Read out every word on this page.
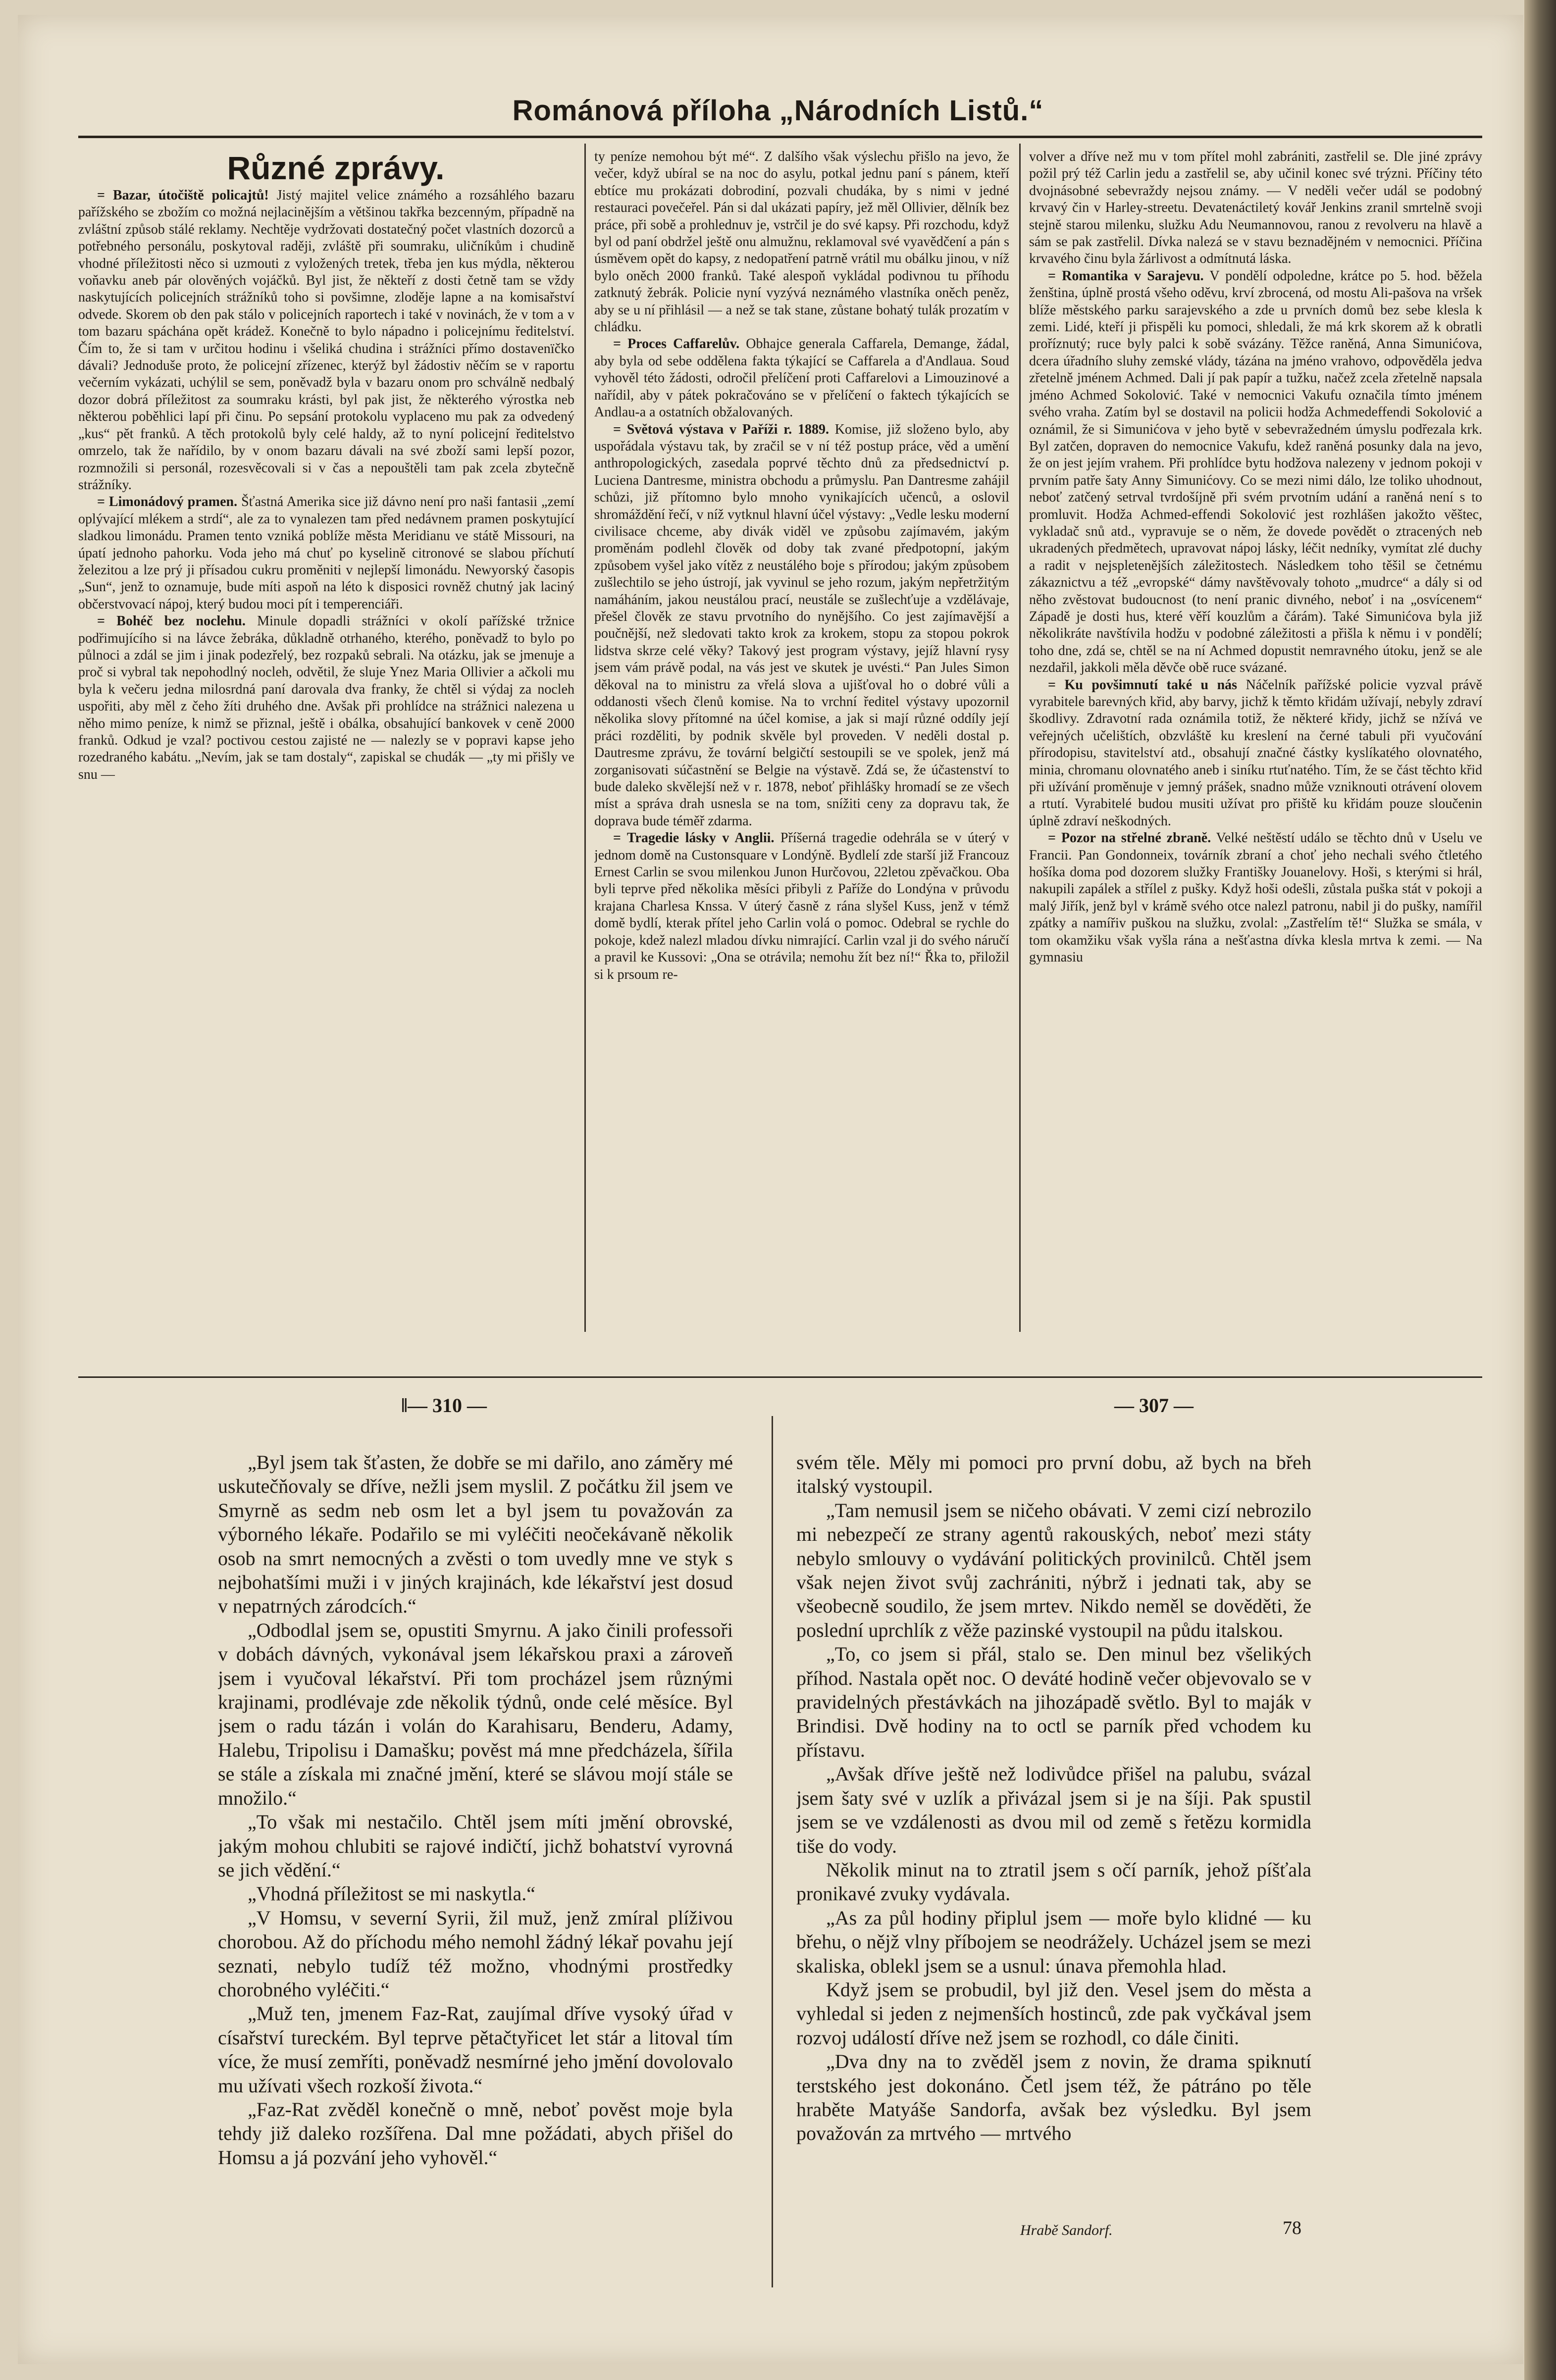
Románová příloha „Národních Listů.“

Různé zprávy.

= Bazar, útočiště policajtů! Jistý majitel velice známého a rozsáhlého bazaru pařížského se zbožím co možná nejlacinějším a většinou takřka bezcenným, případně na zvláštní způsob stálé reklamy. Nechtěje vydržovati dostatečný počet vlastních dozorců a potřebného personálu, poskytoval raději, zvláště při soumraku, uličníkům i chudině vhodné příležitosti něco si uzmouti z vyložených tretek, třeba jen kus mýdla, některou voňavku aneb pár olověných vojáčků. Byl jist, že někteří z dosti četně tam se vždy naskytujících policejních strážníků toho si povšimne, zloděje lapne a na komisařství odvede. Skorem ob den pak stálo v policejních raportech i také v novinách, že v tom a v tom bazaru spáchána opět krádež. Konečně to bylo nápadno i policejnímu ředitelství. Čím to, že si tam v určitou hodinu i všeliká chudina i strážníci přímo dostavenïčko dávali? Jednoduše proto, že policejní zřízenec, kterýž byl žádostiv něčím se v raportu večerním vykázati, uchýlil se sem, poněvadž byla v bazaru onom pro schválně nedbalý dozor dobrá příležitost za soumraku krásti, byl pak jist, že některého výrostka neb některou poběhlici lapí při činu. Po sepsání protokolu vyplaceno mu pak za odvedený „kus“ pět franků. A těch protokolů byly celé haldy, až to nyní policejní ředitelstvo omrzelo, tak že nařídilo, by v onom bazaru dávali na své zboží sami lepší pozor, rozmnožili si personál, rozesvěcovali si v čas a nepouštěli tam pak zcela zbytečně strážníky.

= Limonádový pramen. Šťastná Amerika sice již dávno není pro naši fantasii „zemí oplývající mlékem a strdí“, ale za to vynalezen tam před nedávnem pramen poskytující sladkou limonádu. Pramen tento vzniká poblíže města Meridianu ve státě Missouri, na úpatí jednoho pahorku. Voda jeho má chuť po kyselině citronové se slabou příchutí železitou a lze prý ji přísadou cukru proměniti v nejlepší limonádu. Newyorský časopis „Sun“, jenž to oznamuje, bude míti aspoň na léto k disposici rovněž chutný jak laciný občerstvovací nápoj, který budou moci pít i temperenciáři.

= Bohéč bez noclehu. Minule dopadli strážníci v okolí pařížské tržnice podřimujícího si na lávce žebráka, důkladně otrhaného, kterého, poněvadž to bylo po půlnoci a zdál se jim i jinak podezřelý, bez rozpaků sebrali. Na otázku, jak se jmenuje a proč si vybral tak nepohodlný nocleh, odvětil, že sluje Ynez Maria Ollivier a ačkoli mu byla k večeru jedna milosrdná paní darovala dva franky, že chtěl si výdaj za nocleh uspořiti, aby měl z čeho žíti druhého dne. Avšak při prohlídce na strážnici nalezena u něho mimo peníze, k nimž se přiznal, ještě i obálka, obsahující bankovek v ceně 2000 franků. Odkud je vzal? poctivou cestou zajisté ne — nalezly se v popravi kapse jeho rozedraného kabátu. „Nevím, jak se tam dostaly“, zapiskal se chudák — „ty mi přišly ve snu —

ty peníze nemohou být mé“. Z dalšího však výslechu přišlo na jevo, že večer, když ubíral se na noc do asylu, potkal jednu paní s pánem, kteří ebtíce mu prokázati dobrodiní, pozvali chudáka, by s nimi v jedné restauraci povečeřel. Pán si dal ukázati papíry, jež měl Ollivier, dělník bez práce, při sobě a prohlednuv je, vstrčil je do své kapsy. Při rozchodu, když byl od paní obdržel ještě onu almužnu, reklamoval své vyavědčení a pán s úsměvem opět do kapsy, z nedopatření patrně vrátil mu obálku jinou, v níž bylo oněch 2000 franků. Také alespoň vykládal podivnou tu příhodu zatknutý žebrák. Policie nyní vyzývá neznámého vlastníka oněch peněz, aby se u ní přihlásil — a než se tak stane, zůstane bohatý tulák prozatím v chládku.

= Proces Caffarelův. Obhajce generala Caffarela, Demange, žádal, aby byla od sebe oddělena fakta týkající se Caffarela a d'Andlaua. Soud vyhověl této žádosti, odročil přelíčení proti Caffarelovi a Limouzinové a nařídil, aby v pátek pokračováno se v přelíčení o faktech týkajících se Andlau-a a ostatních obžalovaných.

= Světová výstava v Paříži r. 1889. Komise, již složeno bylo, aby uspořádala výstavu tak, by zračil se v ní též postup práce, věd a umění anthropologických, zasedala poprvé těchto dnů za předsednictví p. Luciena Dantresme, ministra obchodu a průmyslu. Pan Dantresme zahájil schůzi, již přítomno bylo mnoho vynikajících učenců, a oslovil shromáždění řečí, v níž vytknul hlavní účel výstavy: „Vedle lesku moderní civilisace chceme, aby divák viděl ve způsobu zajímavém, jakým proměnám podlehl člověk od doby tak zvané předpotopní, jakým způsobem vyšel jako vítěz z neustálého boje s přírodou; jakým způsobem zušlechtilo se jeho ústrojí, jak vyvinul se jeho rozum, jakým nepřetržitým namáháním, jakou neustálou prací, neustále se zušlechťuje a vzdělávaje, přešel člověk ze stavu prvotního do nynějšího. Co jest zajímavější a poučnější, než sledovati takto krok za krokem, stopu za stopou pokrok lidstva skrze celé věky? Takový jest program výstavy, jejíž hlavní rysy jsem vám právě podal, na vás jest ve skutek je uvésti.“ Pan Jules Simon děkoval na to ministru za vřelá slova a ujišťoval ho o dobré vůli a oddanosti všech členů komise. Na to vrchní ředitel výstavy upozornil několika slovy přítomné na účel komise, a jak si mají různé oddíly její práci rozděliti, by podnik skvěle byl proveden. V neděli dostal p. Dautresme zprávu, že tovární belgičtí sestoupili se ve spolek, jenž má zorganisovati súčastnění se Belgie na výstavě. Zdá se, že účastenství to bude daleko skvělejší než v r. 1878, neboť přihlášky hromadí se ze všech míst a správa drah usnesla se na tom, snížiti ceny za dopravu tak, že doprava bude téměř zdarma.

= Tragedie lásky v Anglii. Příšerná tragedie odehrála se v úterý v jednom domě na Custonsquare v Londýně. Bydlelí zde starší již Francouz Ernest Carlin se svou milenkou Junon Hurčovou, 22letou zpěvačkou. Oba byli teprve před několika měsíci přibyli z Paříže do Londýna v průvodu krajana Charlesa Knssa. V úterý časně z rána slyšel Kuss, jenž v témž domě bydlí, kterak přítel jeho Carlin volá o pomoc. Odebral se rychle do pokoje, kdež nalezl mladou dívku nimrající. Carlin vzal ji do svého náručí a pravil ke Kussovi: „Ona se otrávila; nemohu žít bez ní!“ Řka to, přiložil si k prsoum re-

volver a dříve než mu v tom přítel mohl zabrániti, zastřelil se. Dle jiné zprávy požil prý též Carlin jedu a zastřelil se, aby učinil konec své trýzni. Příčiny této dvojnásobné sebevraždy nejsou známy. — V neděli večer udál se podobný krvavý čin v Harley-streetu. Devatenáctiletý kovář Jenkins zranil smrtelně svoji stejně starou milenku, služku Adu Neumannovou, ranou z revolveru na hlavě a sám se pak zastřelil. Dívka nalezá se v stavu beznadějném v nemocnici. Příčina krvavého činu byla žárlivost a odmítnutá láska.

= Romantika v Sarajevu. V pondělí odpoledne, krátce po 5. hod. běžela ženština, úplně prostá všeho oděvu, krví zbrocená, od mostu Ali-pašova na vršek blíže městského parku sarajevského a zde u prvních domů bez sebe klesla k zemi. Lidé, kteří ji přispěli ku pomoci, shledali, že má krk skorem až k obratli proříznutý; ruce byly palci k sobě svázány. Těžce raněná, Anna Simunićova, dcera úřadního sluhy zemské vlády, tázána na jméno vrahovo, odpověděla jedva zřetelně jménem Achmed. Dali jí pak papír a tužku, načež zcela zřetelně napsala jméno Achmed Sokolović. Také v nemocnici Vakufu označila tímto jménem svého vraha. Zatím byl se dostavil na policii hodža Achmedeffendi Sokolović a oznámil, že si Simunićova v jeho bytě v sebevražedném úmyslu podřezala krk. Byl zatčen, dopraven do nemocnice Vakufu, kdež raněná posunky dala na jevo, že on jest jejím vrahem. Při prohlídce bytu hodžova nalezeny v jednom pokoji v prvním patře šaty Anny Simunićovy. Co se mezi nimi dálo, lze toliko uhodnout, neboť zatčený setrval tvrdošíjně při svém prvotním udání a raněná není s to promluvit. Hodža Achmed-effendi Sokolović jest rozhlášen jakožto věštec, vykladač snů atd., vypravuje se o něm, že dovede povědět o ztracených neb ukradených předmětech, upravovat nápoj lásky, léčit nedníky, vymítat zlé duchy a radit v nejspletenějších záležitostech. Následkem toho těšil se četnému zákaznictvu a též „evropské“ dámy navštěvovaly tohoto „mudrce“ a dály si od něho zvěstovat budoucnost (to není pranic divného, neboť i na „osvícenem“ Západě je dosti hus, které věří kouzlům a čárám). Také Simunićova byla již několikráte navštívila hodžu v podobné záležitosti a přišla k němu i v pondělí; toho dne, zdá se, chtěl se na ní Achmed dopustit nemravného útoku, jenž se ale nezdařil, jakkoli měla děvče obě ruce svázané.

= Ku povšimnutí také u nás Náčelník pařížské policie vyzval právě vyrabitele barevných křid, aby barvy, jichž k těmto křidám užívají, nebyly zdraví škodlivy. Zdravotní rada oznámila totiž, že některé křidy, jichž se nžívá ve veřejných učelištích, obzvláště ku kreslení na černé tabuli při vyučování přírodopisu, stavitelství atd., obsahují značné částky kyslíkatého olovnatého, minia, chromanu olovnatého aneb i siníku rtuťnatého. Tím, že se část těchto křid při užívání proměnuje v jemný prášek, snadno může vzniknouti otrávení olovem a rtutí. Vyrabitelé budou musiti užívat pro přiště ku křidám pouze sloučenin úplně zdraví neškodných.

= Pozor na střelné zbraně. Velké neštěstí událo se těchto dnů v Uselu ve Francii. Pan Gondonneix, továrník zbraní a choť jeho nechali svého čtletého hošíka doma pod dozorem služky Františky Jouanelovy. Hoši, s kterými si hrál, nakupili zapálek a střílel z pušky. Když hoši odešli, zůstala puška stát v pokoji a malý Jiřík, jenž byl v krámě svého otce nalezl patronu, nabil ji do pušky, namířil zpátky a namířiv puškou na služku, zvolal: „Zastřelím tě!“ Služka se smála, v tom okamžiku však vyšla rána a nešťastna dívka klesla mrtva k zemi. — Na gymnasiu

‖— 310 —	— 307 —

„Byl jsem tak šťasten, že dobře se mi dařilo, ano záměry mé uskutečňovaly se dříve, nežli jsem myslil. Z počátku žil jsem ve Smyrně as sedm neb osm let a byl jsem tu považován za výborného lékaře. Podařilo se mi vyléčiti neočekávaně několik osob na smrt nemocných a zvěsti o tom uvedly mne ve styk s nejbohatšími muži i v jiných krajinách, kde lékařství jest dosud v nepatrných zárodcích.“

„Odbodlal jsem se, opustiti Smyrnu. A jako činili professoři v dobách dávných, vykonával jsem lékařskou praxi a zároveň jsem i vyučoval lékařství. Při tom procházel jsem různými krajinami, prodlévaje zde několik týdnů, onde celé měsíce. Byl jsem o radu tázán i volán do Karahisaru, Benderu, Adamy, Halebu, Tripolisu i Damašku; pověst má mne předcházela, šířila se stále a získala mi značné jmění, které se slávou mojí stále se množilo.“

„To však mi nestačilo. Chtěl jsem míti jmění obrovské, jakým mohou chlubiti se rajové indičtí, jichž bohatství vyrovná se jich vědění.“

„Vhodná příležitost se mi naskytla.“

„V Homsu, v severní Syrii, žil muž, jenž zmíral plíživou chorobou. Až do příchodu mého nemohl žádný lékař povahu její seznati, nebylo tudíž též možno, vhodnými prostředky chorobného vyléčiti.“

„Muž ten, jmenem Faz-Rat, zaujímal dříve vysoký úřad v císařství tureckém. Byl teprve pětačtyřicet let stár a litoval tím více, že musí zemříti, poněvadž nesmírné jeho jmění dovolovalo mu užívati všech rozkoší života.“

„Faz-Rat zvěděl konečně o mně, neboť pověst moje byla tehdy již daleko rozšířena. Dal mne požádati, abych přišel do Homsu a já pozvání jeho vyhověl.“

svém těle. Měly mi pomoci pro první dobu, až bych na břeh italský vystoupil.

„Tam nemusil jsem se ničeho obávati. V zemi cizí nebrozilo mi nebezpečí ze strany agentů rakouských, neboť mezi státy nebylo smlouvy o vydávání politických provinilců. Chtěl jsem však nejen život svůj zachrániti, nýbrž i jednati tak, aby se všeobecně soudilo, že jsem mrtev. Nikdo neměl se dověděti, že poslední uprchlík z věže pazinské vystoupil na půdu italskou.

„To, co jsem si přál, stalo se. Den minul bez všelikých příhod. Nastala opět noc. O deváté hodině večer objevovalo se v pravidelných přestávkách na jihozápadě světlo. Byl to maják v Brindisi. Dvě hodiny na to octl se parník před vchodem ku přístavu.

„Avšak dříve ještě než lodivůdce přišel na palubu, svázal jsem šaty své v uzlík a přivázal jsem si je na šíji. Pak spustil jsem se ve vzdálenosti as dvou mil od země s řetězu kormidla tiše do vody.

Několik minut na to ztratil jsem s očí parník, jehož píšťala pronikavé zvuky vydávala.

„As za půl hodiny připlul jsem — moře bylo klidné — ku břehu, o nějž vlny příbojem se neodrážely. Ucházel jsem se mezi skaliska, oblekl jsem se a usnul: únava přemohla hlad.

Když jsem se probudil, byl již den. Vesel jsem do města a vyhledal si jeden z nejmenších hostinců, zde pak vyčkával jsem rozvoj událostí dříve než jsem se rozhodl, co dále činiti.

„Dva dny na to zvěděl jsem z novin, že drama spiknutí terstského jest dokonáno. Četl jsem též, že pátráno po těle hraběte Matyáše Sandorfa, avšak bez výsledku. Byl jsem považován za mrtvého — mrtvého

Hrabě Sandorf.	78
